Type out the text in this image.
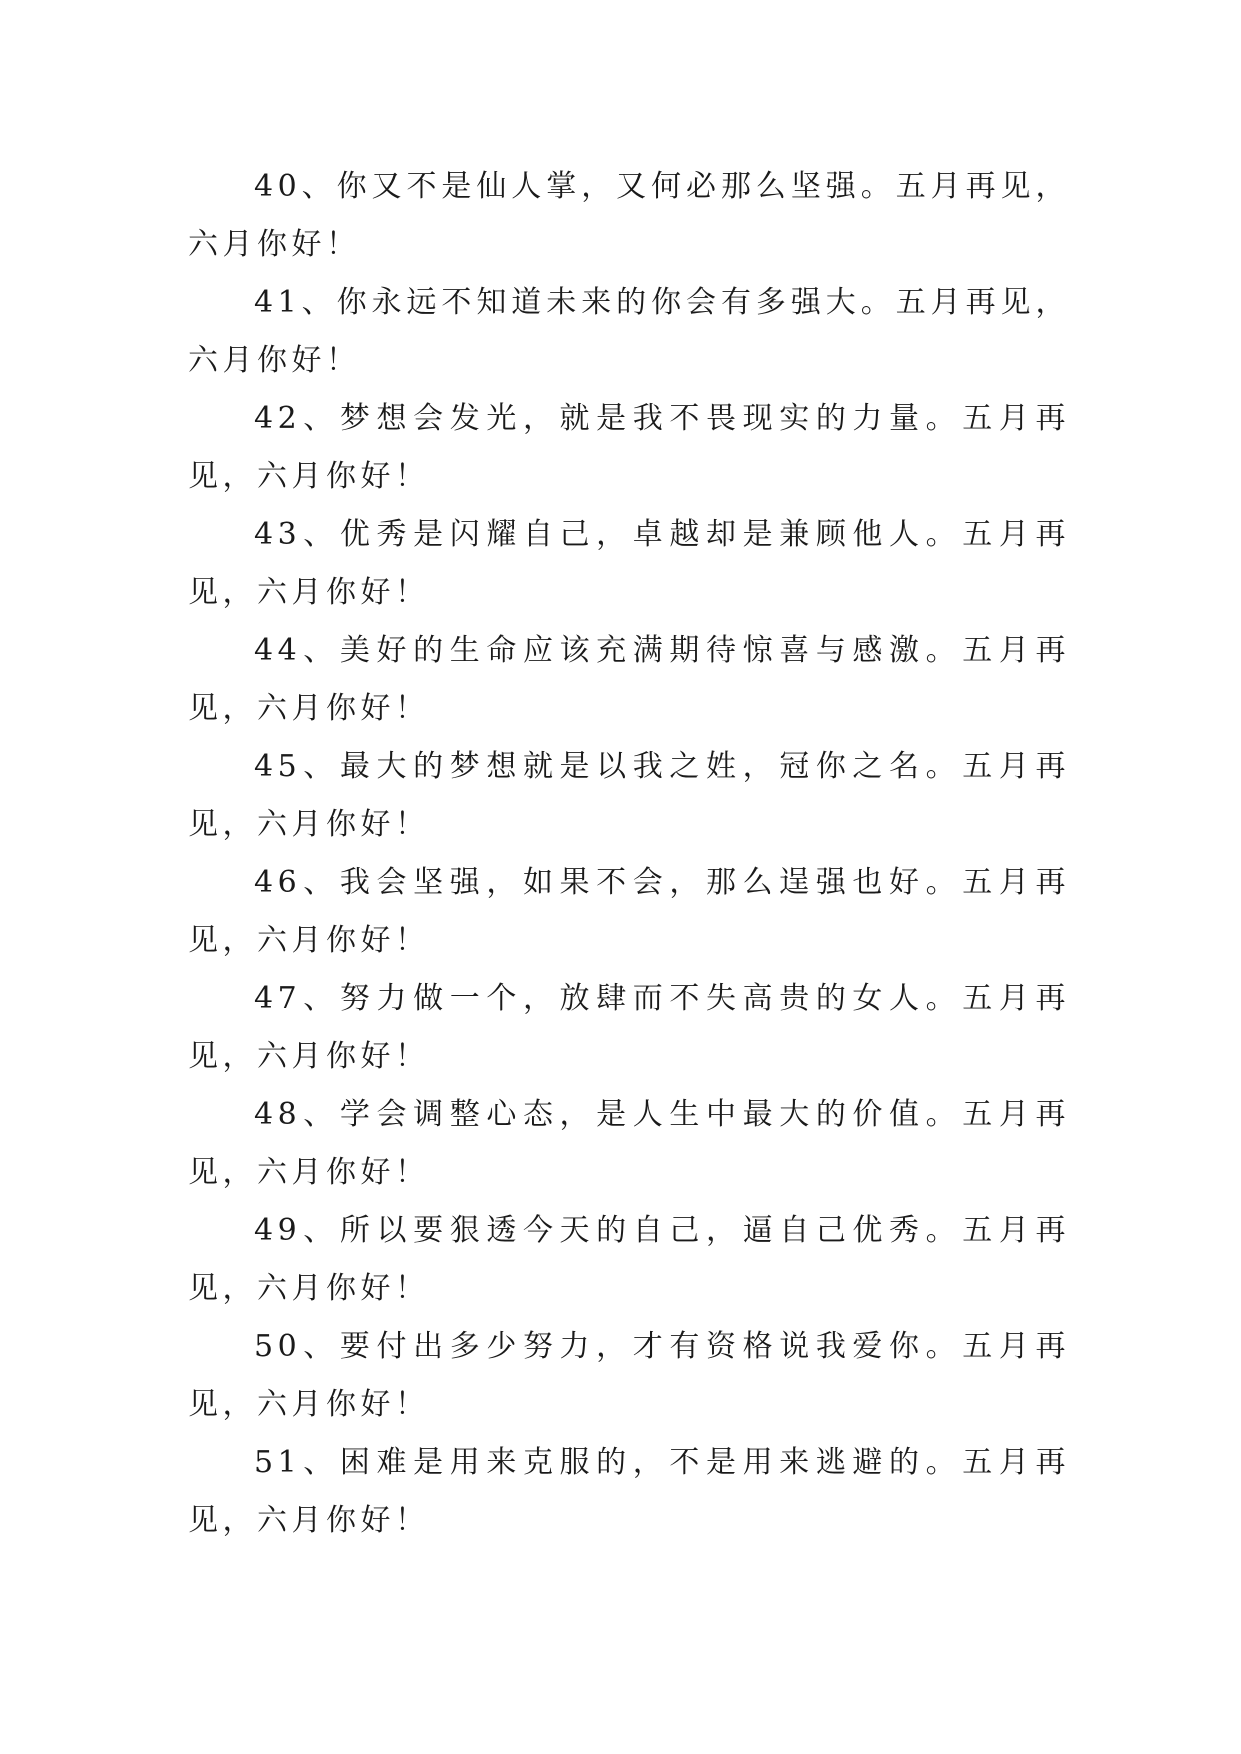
40、你又不是仙人掌，又何必那么坚强。五月再见，六月你好！

41、你永远不知道未来的你会有多强大。五月再见，六月你好！

42、梦想会发光，就是我不畏现实的力量。五月再见，六月你好！

43、优秀是闪耀自己，卓越却是兼顾他人。五月再见，六月你好！

44、美好的生命应该充满期待惊喜与感激。五月再见，六月你好！

45、最大的梦想就是以我之姓，冠你之名。五月再见，六月你好！

46、我会坚强，如果不会，那么逞强也好。五月再见，六月你好！

47、努力做一个，放肆而不失高贵的女人。五月再见，六月你好！

48、学会调整心态，是人生中最大的价值。五月再见，六月你好！

49、所以要狠透今天的自己，逼自己优秀。五月再见，六月你好！

50、要付出多少努力，才有资格说我爱你。五月再见，六月你好！

51、困难是用来克服的，不是用来逃避的。五月再见，六月你好！
